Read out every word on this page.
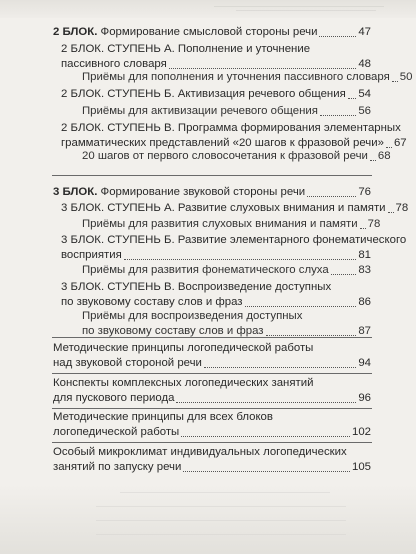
2 БЛОК. Формирование смысловой стороны речи	47
2 БЛОК. СТУПЕНЬ А. Пополнение и уточнение
пассивного словаря	48
Приёмы для пополнения и уточнения пассивного словаря 50
2 БЛОК. СТУПЕНЬ Б. Активизация речевого общения 54
Приёмы для активизации речевого общения	56
2 БЛОК. СТУПЕНЬ В. Программа формирования элементарных
грамматических представлений «20 шагов к фразовой речи» 67
20 шагов от первого словосочетания к фразовой речи 68
3 БЛОК. Формирование звуковой стороны речи	76
3 БЛОК. СТУПЕНЬ А. Развитие слуховых внимания и памяти 78
Приёмы для развития слуховых внимания и памяти 78
3 БЛОК. СТУПЕНЬ Б. Развитие элементарного фонематического
восприятия	81
Приёмы для развития фонематического слуха	83
3 БЛОК. СТУПЕНЬ В. Воспроизведение доступных
по звуковому составу слов и фраз	86
Приёмы для воспроизведения доступных
по звуковому составу слов и фраз	87
Методические принципы логопедической работы
над звуковой стороной речи	94
Конспекты комплексных логопедических занятий
для пускового периода	96
Методические принципы для всех блоков
логопедической работы	102
Особый микроклимат индивидуальных логопедических
занятий по запуску речи	105
